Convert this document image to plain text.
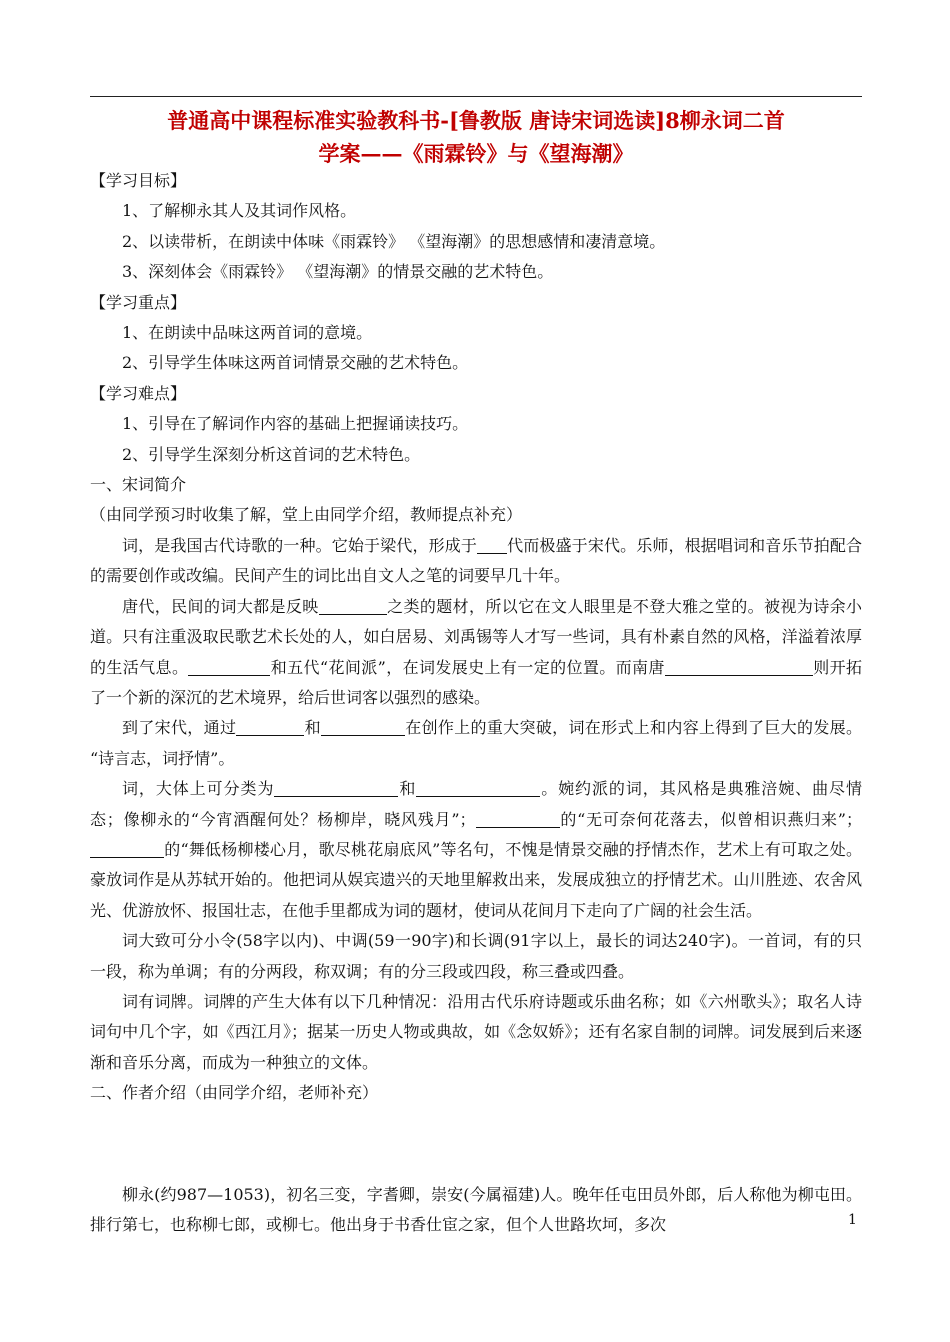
普通高中课程标准实验教科书-[鲁教版 唐诗宋词选读]8柳永词二首
学案——《雨霖铃》与《望海潮》

【学习目标】

1、了解柳永其人及其词作风格。

2、以读带析，在朗读中体味《雨霖铃》 《望海潮》的思想感情和凄清意境。

3、深刻体会《雨霖铃》 《望海潮》的情景交融的艺术特色。

【学习重点】

1、在朗读中品味这两首词的意境。

2、引导学生体味这两首词情景交融的艺术特色。

【学习难点】

1、引导在了解词作内容的基础上把握诵读技巧。

2、引导学生深刻分析这首词的艺术特色。

一、宋词简介

（由同学预习时收集了解，堂上由同学介绍，教师提点补充）

词，是我国古代诗歌的一种。它始于梁代，形成于 代而极盛于宋代。乐师，根据唱词和音乐节拍配合的需要创作或改编。民间产生的词比出自文人之笔的词要早几十年。

唐代，民间的词大都是反映	之类的题材，所以它在文人眼里是不登大雅之堂的。被视为诗余小道。只有注重汲取民歌艺术长处的人，如白居易、刘禹锡等人才写一些词，具有朴素自然的风格，洋溢着浓厚的生活气息。	和五代“花间派”，在词发展史上有一定的位置。而南唐	则开拓了一个新的深沉的艺术境界，给后世词客以强烈的感染。

到了宋代，通过	和	在创作上的重大突破，词在形式上和内容上得到了巨大的发展。 “诗言志，词抒情”。

词，大体上可分类为	和	。婉约派的词，其风格是典雅涪婉、曲尽情态；像柳永的“今宵酒醒何处？杨柳岸，晓风残月”；	的“无可奈何花落去，似曾相识燕归来”；的“舞低杨柳楼心月，歌尽桃花扇底风”等名句，不愧是情景交融的抒情杰作，艺术上有可取之处。豪放词作是从苏轼开始的。他把词从娱宾遗兴的天地里解救出来，发展成独立的抒情艺术。山川胜迹、农舍风光、优游放怀、报国壮志，在他手里都成为词的题材，使词从花间月下走向了广阔的社会生活。

词大致可分小令(58字以内)、中调(59一90字)和长调(91字以上，最长的词达240字)。一首词，有的只一段，称为单调；有的分两段，称双调；有的分三段或四段，称三叠或四叠。

词有词牌。词牌的产生大体有以下几种情况：沿用古代乐府诗题或乐曲名称；如《六州歌头》；取名人诗词句中几个字，如《西江月》；据某一历史人物或典故，如《念奴娇》；还有名家自制的词牌。词发展到后来逐渐和音乐分离，而成为一种独立的文体。

二、作者介绍（由同学介绍，老师补充）

柳永(约987—1053)，初名三变，字耆卿，崇安(今属福建)人。晚年任屯田员外郎，后人称他为柳屯田。排行第七，也称柳七郎，或柳七。他出身于书香仕宦之家，但个人世路坎坷，多次	1
